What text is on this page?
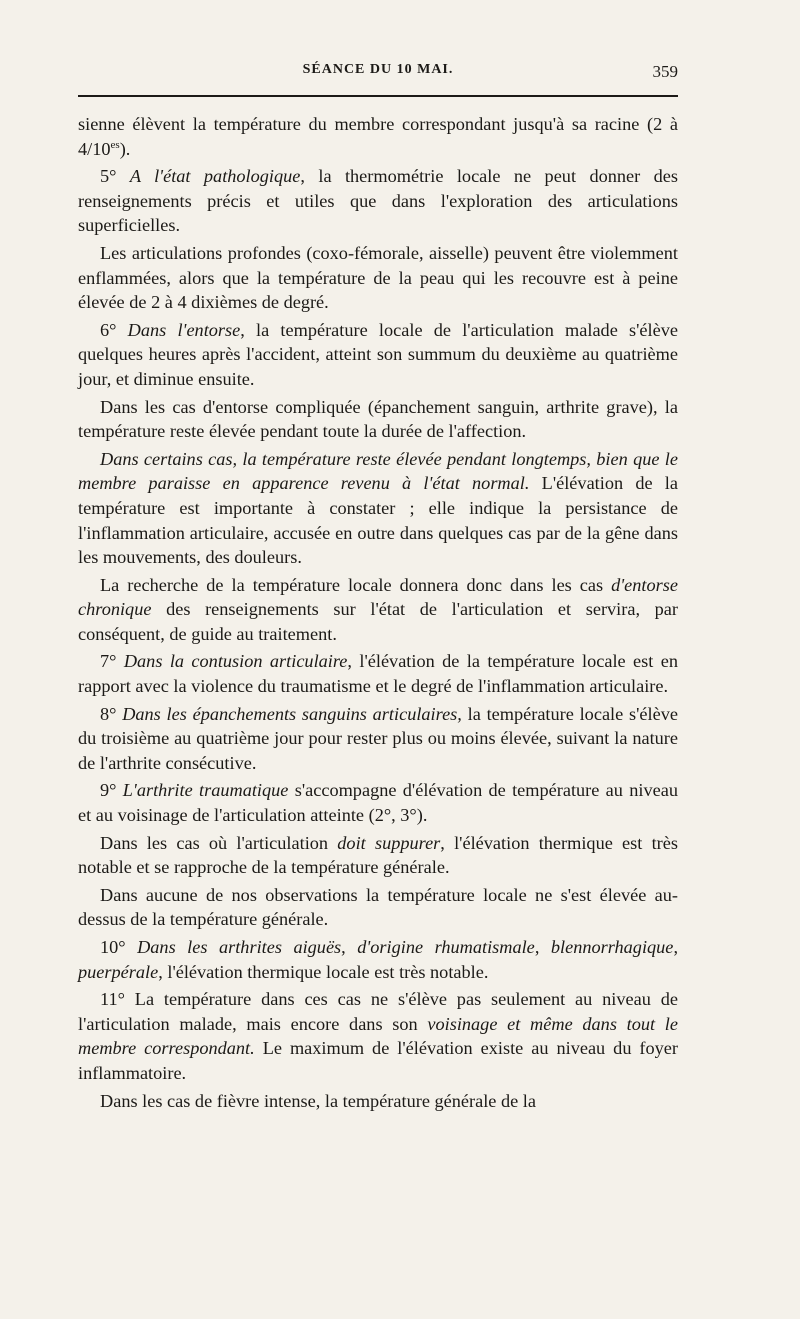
SÉANCE DU 10 MAI.	359

sienne élèvent la température du membre correspondant jusqu'à sa racine (2 à $4/10^{es}$).

5° A l'état pathologique, la thermométrie locale ne peut donner des renseignements précis et utiles que dans l'exploration des articulations superficielles.

Les articulations profondes (coxo-fémorale, aisselle) peuvent être violemment enflammées, alors que la température de la peau qui les recouvre est à peine élevée de 2 à 4 dixièmes de degré.

6° Dans l'entorse, la température locale de l'articulation malade s'élève quelques heures après l'accident, atteint son summum du deuxième au quatrième jour, et diminue ensuite.

Dans les cas d'entorse compliquée (épanchement sanguin, arthrite grave), la température reste élevée pendant toute la durée de l'affection.

Dans certains cas, la température reste élevée pendant longtemps, bien que le membre paraisse en apparence revenu à l'état normal. L'élévation de la température est importante à constater ; elle indique la persistance de l'inflammation articulaire, accusée en outre dans quelques cas par de la gêne dans les mouvements, des douleurs.

La recherche de la température locale donnera donc dans les cas d'entorse chronique des renseignements sur l'état de l'articulation et servira, par conséquent, de guide au traitement.

7° Dans la contusion articulaire, l'élévation de la température locale est en rapport avec la violence du traumatisme et le degré de l'inflammation articulaire.

8° Dans les épanchements sanguins articulaires, la température locale s'élève du troisième au quatrième jour pour rester plus ou moins élevée, suivant la nature de l'arthrite consécutive.

9° L'arthrite traumatique s'accompagne d'élévation de température au niveau et au voisinage de l'articulation atteinte (2°, 3°).

Dans les cas où l'articulation doit suppurer, l'élévation thermique est très notable et se rapproche de la température générale.

Dans aucune de nos observations la température locale ne s'est élevée au-dessus de la température générale.

10° Dans les arthrites aiguës, d'origine rhumatismale, blennorrhagique, puerpérale, l'élévation thermique locale est très notable.

11° La température dans ces cas ne s'élève pas seulement au niveau de l'articulation malade, mais encore dans son voisinage et même dans tout le membre correspondant. Le maximum de l'élévation existe au niveau du foyer inflammatoire.

Dans les cas de fièvre intense, la température générale de la
